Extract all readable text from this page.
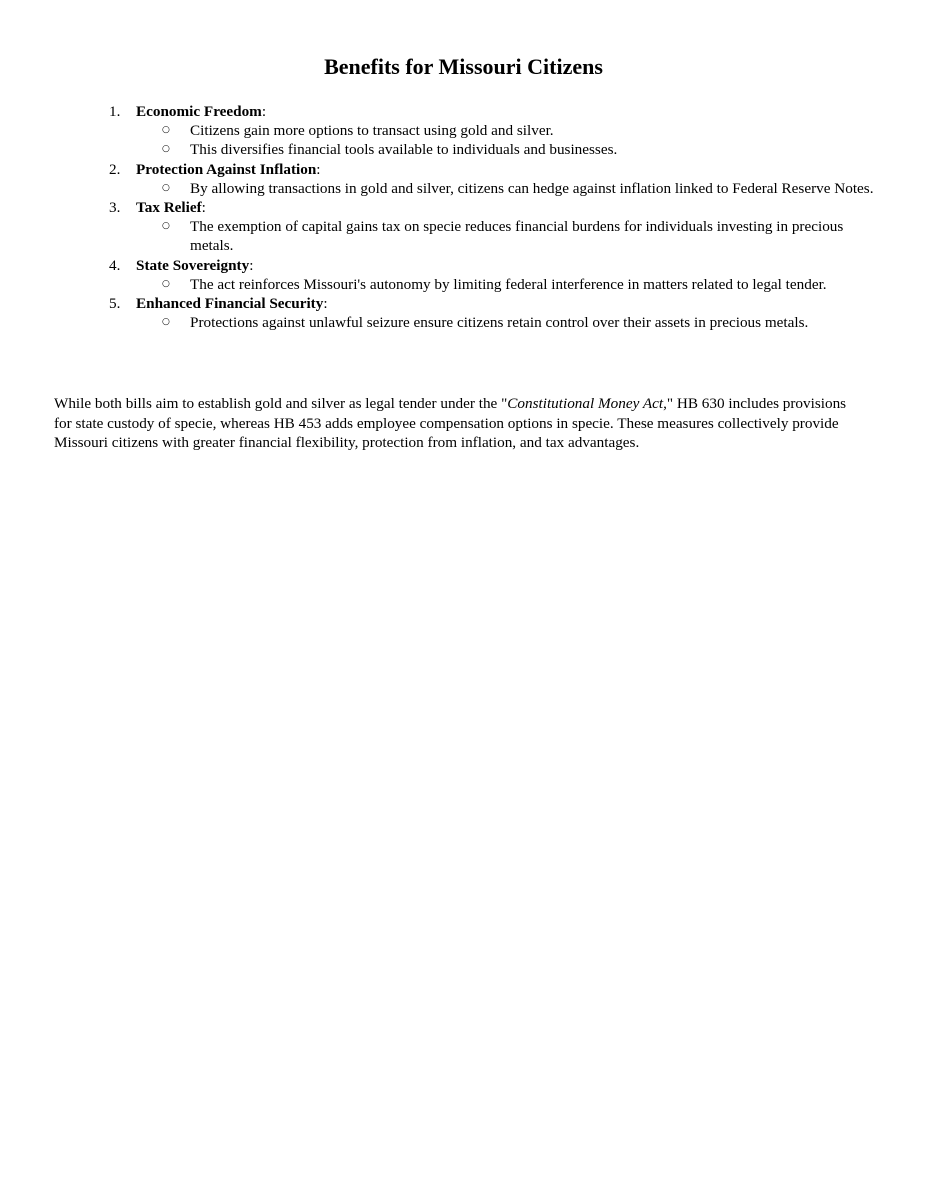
Benefits for Missouri Citizens
1. Economic Freedom:
○ Citizens gain more options to transact using gold and silver.
○ This diversifies financial tools available to individuals and businesses.
2. Protection Against Inflation:
○ By allowing transactions in gold and silver, citizens can hedge against inflation linked to Federal Reserve Notes.
3. Tax Relief:
○ The exemption of capital gains tax on specie reduces financial burdens for individuals investing in precious metals.
4. State Sovereignty:
○ The act reinforces Missouri's autonomy by limiting federal interference in matters related to legal tender.
5. Enhanced Financial Security:
○ Protections against unlawful seizure ensure citizens retain control over their assets in precious metals.

While both bills aim to establish gold and silver as legal tender under the "Constitutional Money Act," HB 630 includes provisions for state custody of specie, whereas HB 453 adds employee compensation options in specie. These measures collectively provide Missouri citizens with greater financial flexibility, protection from inflation, and tax advantages.
